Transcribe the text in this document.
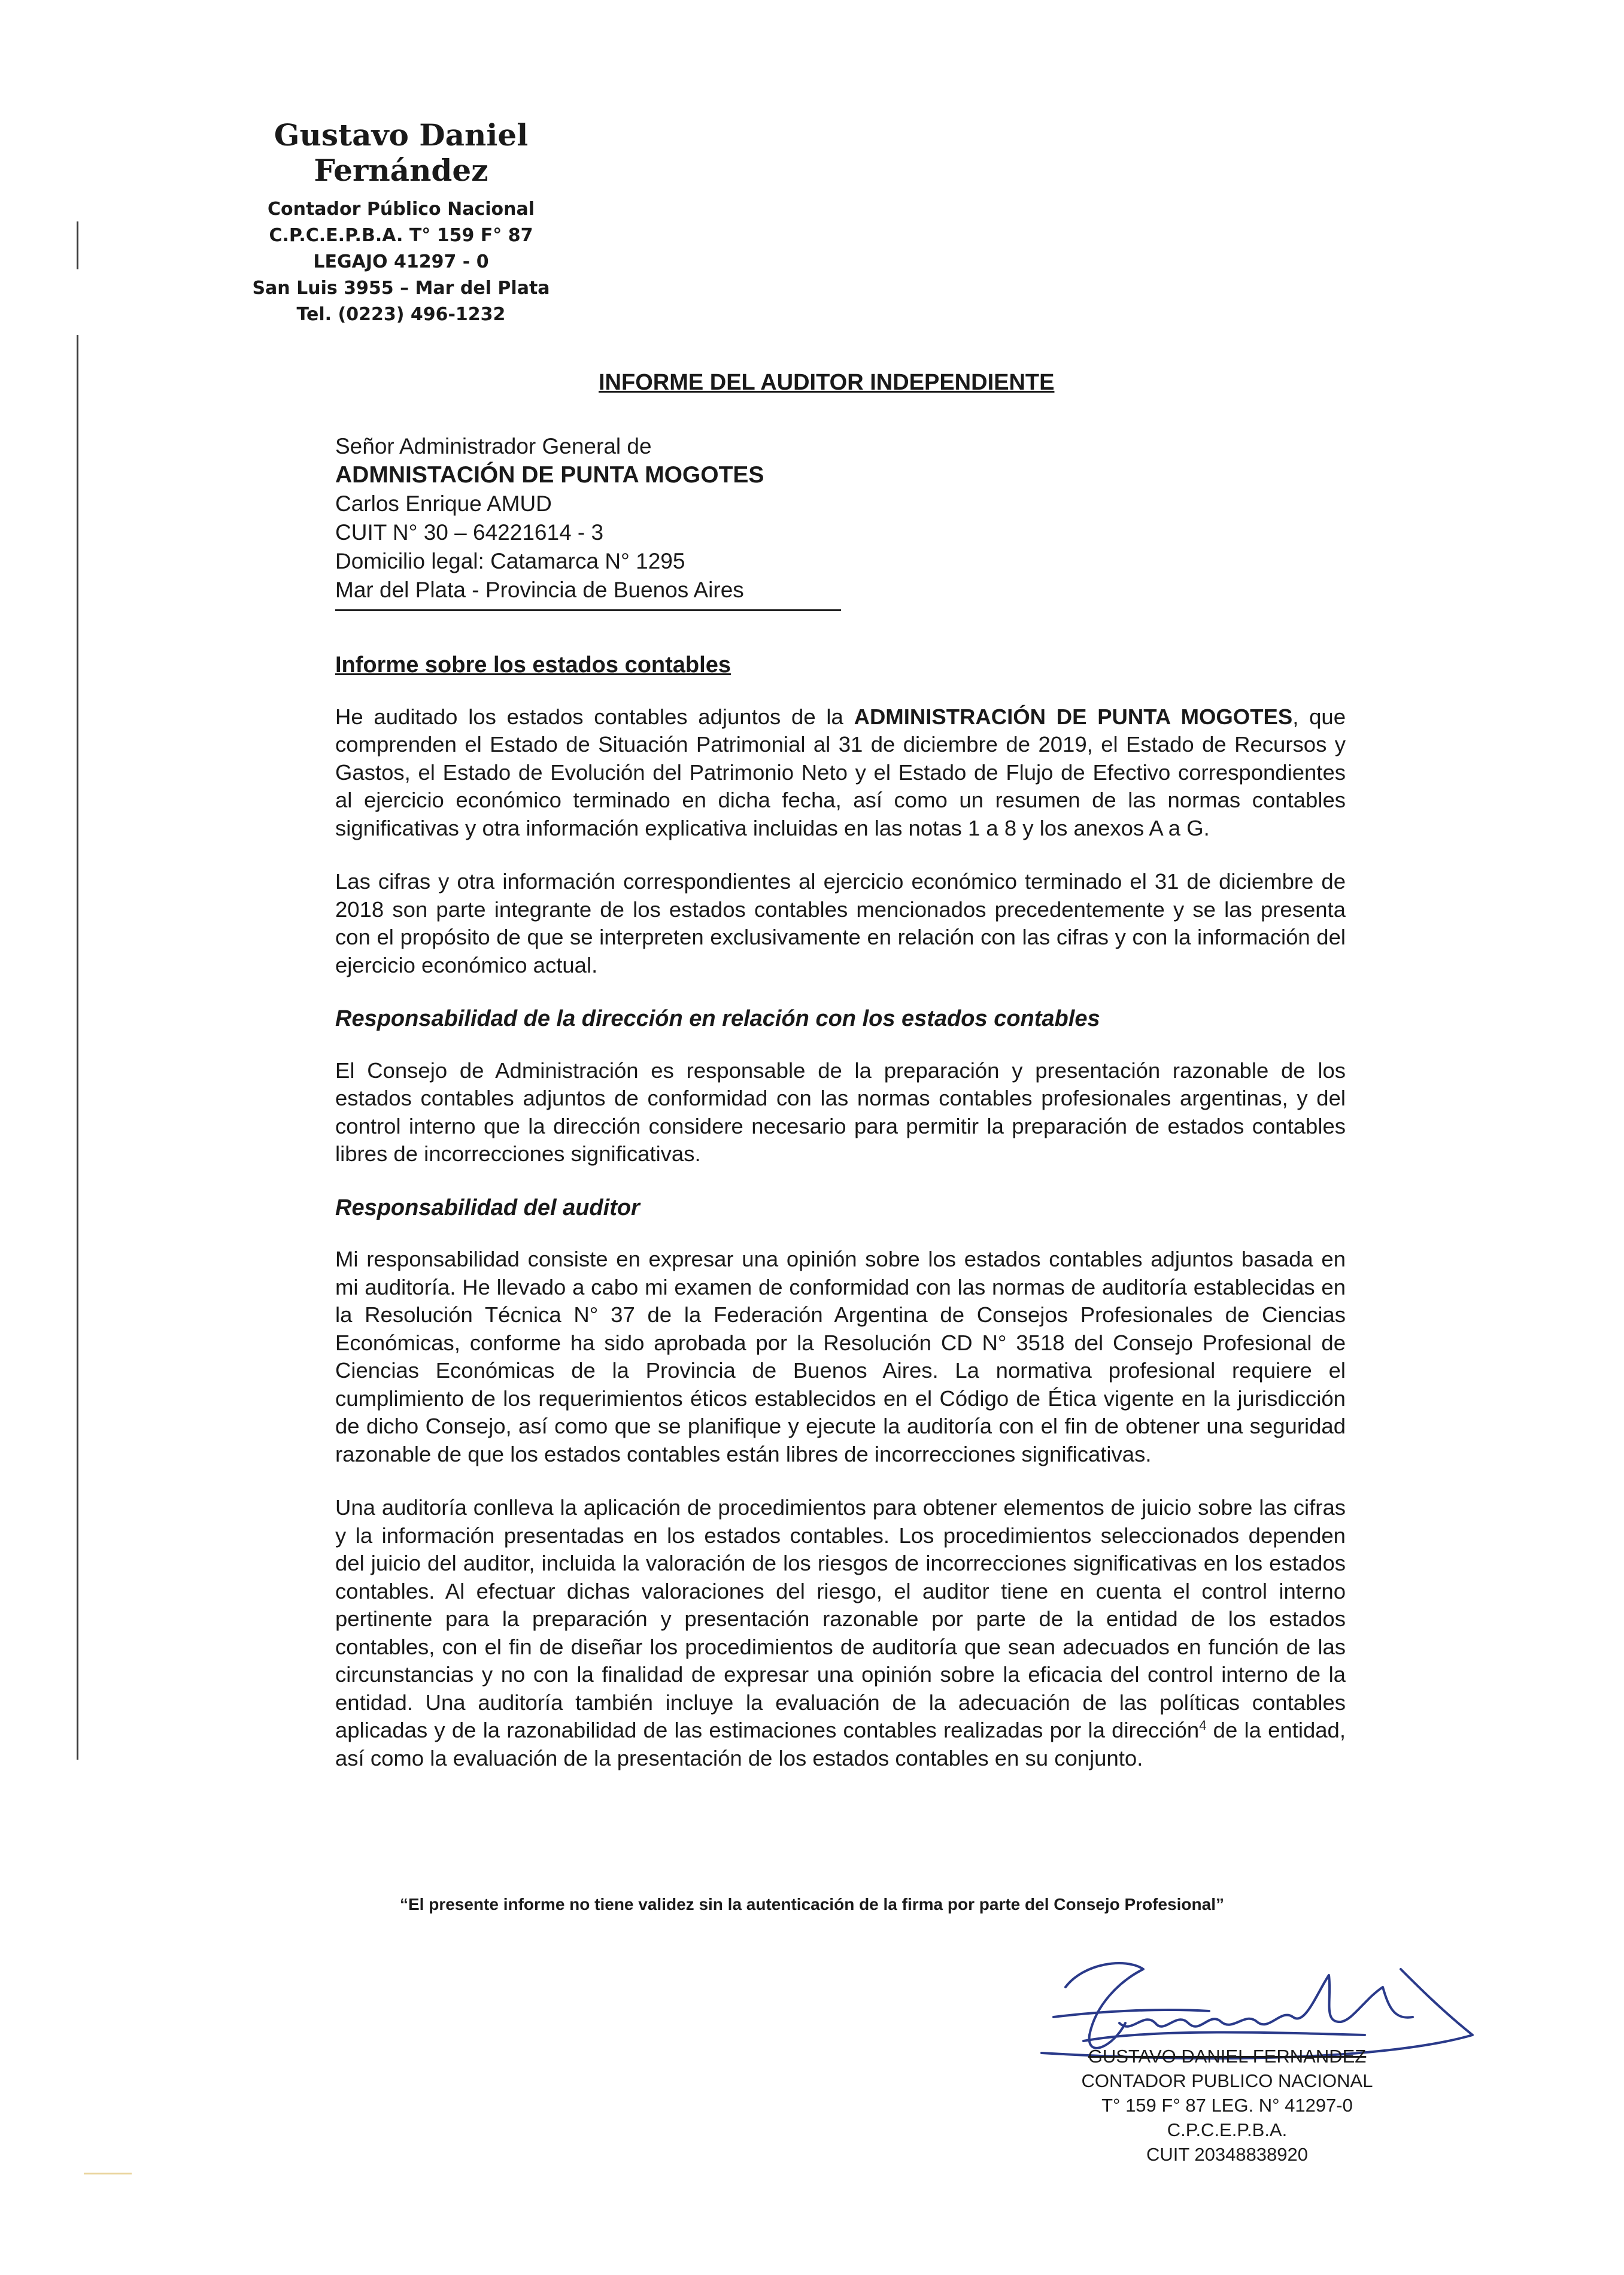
Gustavo Daniel Fernández
Contador Público Nacional
C.P.C.E.P.B.A. T° 159 F° 87
LEGAJO 41297 - 0
San Luis 3955 – Mar del Plata
Tel. (0223) 496-1232
INFORME DEL AUDITOR INDEPENDIENTE
Señor Administrador General de
ADMNISTACIÓN DE PUNTA MOGOTES
Carlos Enrique AMUD
CUIT N° 30 – 64221614 - 3
Domicilio legal: Catamarca N° 1295
Mar del Plata - Provincia de Buenos Aires
Informe sobre los estados contables

He auditado los estados contables adjuntos de la ADMINISTRACIÓN DE PUNTA MOGOTES, que comprenden el Estado de Situación Patrimonial al 31 de diciembre de 2019, el Estado de Recursos y Gastos, el Estado de Evolución del Patrimonio Neto y el Estado de Flujo de Efectivo correspondientes al ejercicio económico terminado en dicha fecha, así como un resumen de las normas contables significativas y otra información explicativa incluidas en las notas 1 a 8 y los anexos A a G.

Las cifras y otra información correspondientes al ejercicio económico terminado el 31 de diciembre de 2018 son parte integrante de los estados contables mencionados precedentemente y se las presenta con el propósito de que se interpreten exclusivamente en relación con las cifras y con la información del ejercicio económico actual.

Responsabilidad de la dirección en relación con los estados contables

El Consejo de Administración es responsable de la preparación y presentación razonable de los estados contables adjuntos de conformidad con las normas contables profesionales argentinas, y del control interno que la dirección considere necesario para permitir la preparación de estados contables libres de incorrecciones significativas.

Responsabilidad del auditor

Mi responsabilidad consiste en expresar una opinión sobre los estados contables adjuntos basada en mi auditoría. He llevado a cabo mi examen de conformidad con las normas de auditoría establecidas en la Resolución Técnica N° 37 de la Federación Argentina de Consejos Profesionales de Ciencias Económicas, conforme ha sido aprobada por la Resolución CD N° 3518 del Consejo Profesional de Ciencias Económicas de la Provincia de Buenos Aires. La normativa profesional requiere el cumplimiento de los requerimientos éticos establecidos en el Código de Ética vigente en la jurisdicción de dicho Consejo, así como que se planifique y ejecute la auditoría con el fin de obtener una seguridad razonable de que los estados contables están libres de incorrecciones significativas.

Una auditoría conlleva la aplicación de procedimientos para obtener elementos de juicio sobre las cifras y la información presentadas en los estados contables. Los procedimientos seleccionados dependen del juicio del auditor, incluida la valoración de los riesgos de incorrecciones significativas en los estados contables. Al efectuar dichas valoraciones del riesgo, el auditor tiene en cuenta el control interno pertinente para la preparación y presentación razonable por parte de la entidad de los estados contables, con el fin de diseñar los procedimientos de auditoría que sean adecuados en función de las circunstancias y no con la finalidad de expresar una opinión sobre la eficacia del control interno de la entidad. Una auditoría también incluye la evaluación de la adecuación de las políticas contables aplicadas y de la razonabilidad de las estimaciones contables realizadas por la dirección$^4$ de la entidad, así como la evaluación de la presentación de los estados contables en su conjunto.

“El presente informe no tiene validez sin la autenticación de la firma por parte del Consejo Profesional”
GUSTAVO DANIEL FERNANDEZ
CONTADOR PUBLICO NACIONAL
T° 159 F° 87 LEG. N° 41297-0
C.P.C.E.P.B.A.
CUIT 20348838920
